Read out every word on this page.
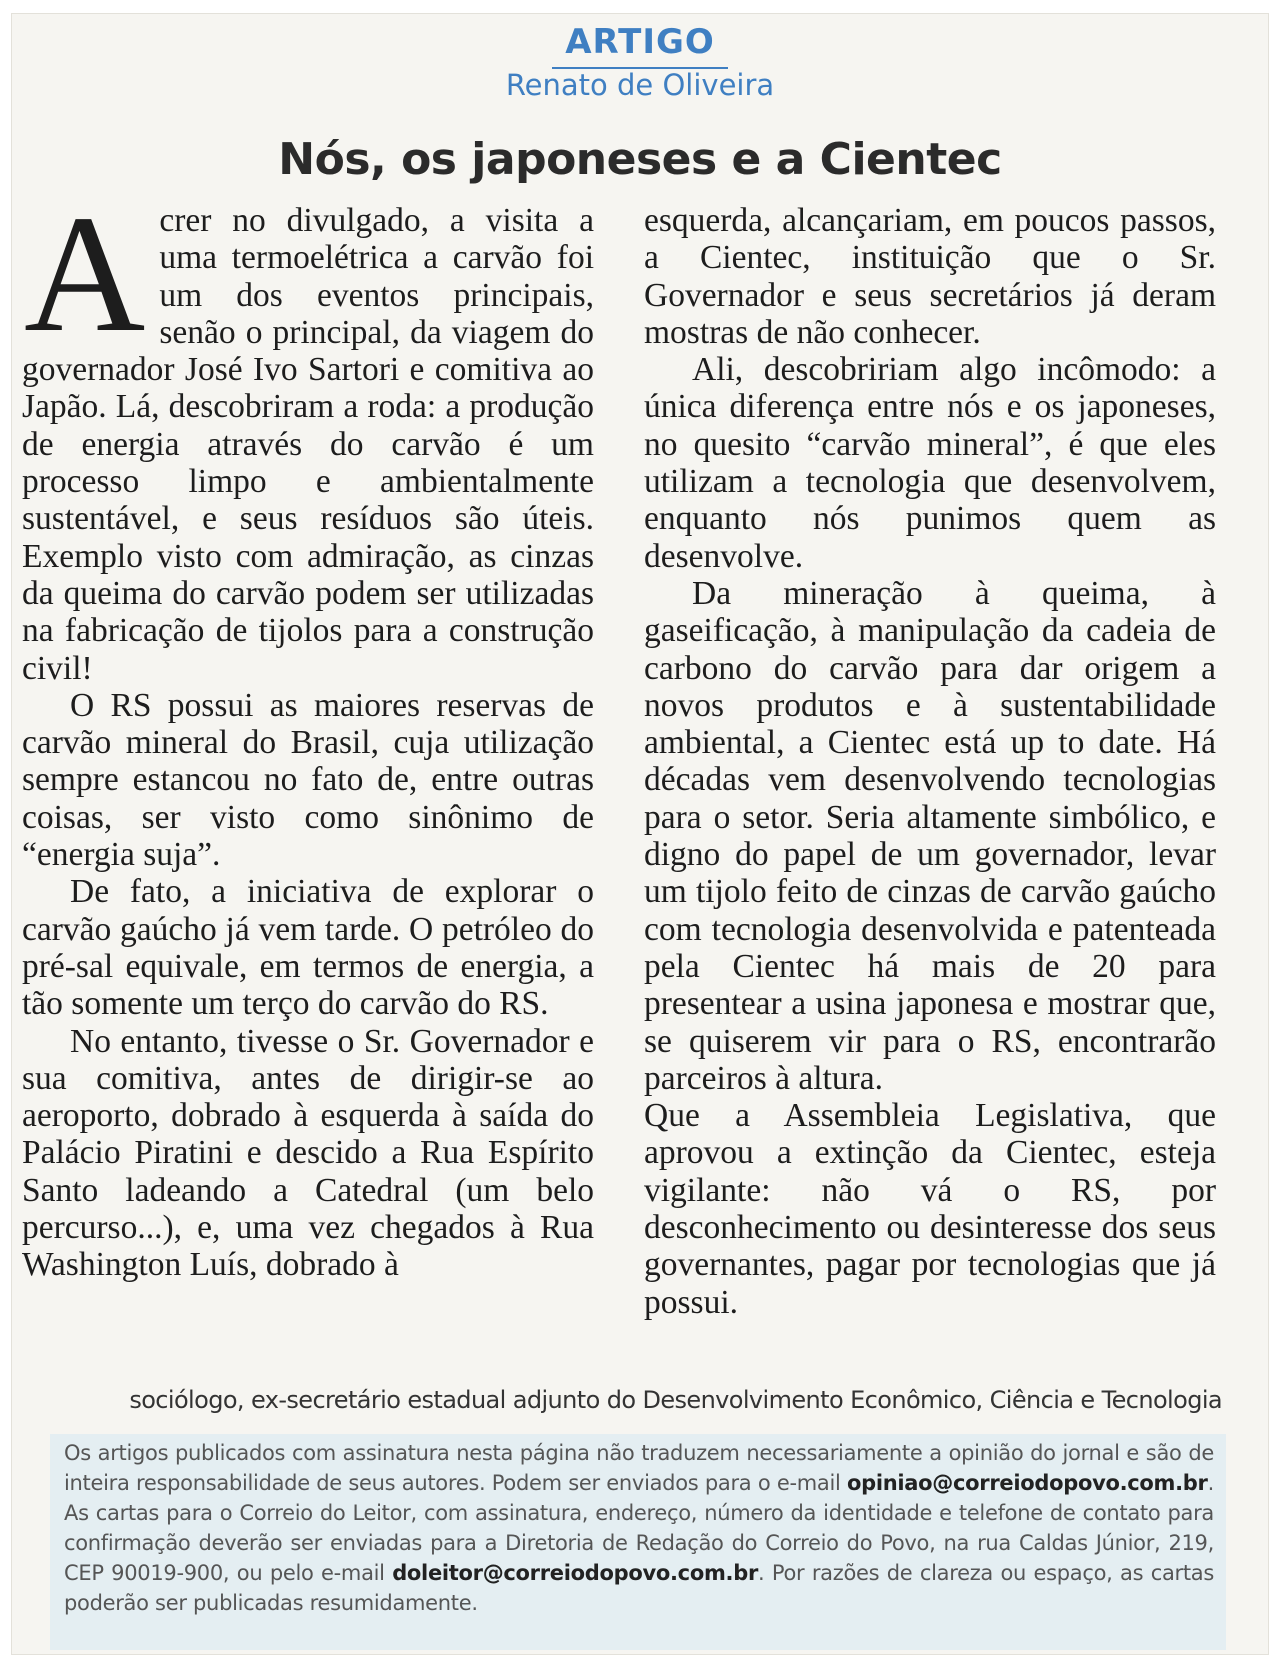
ARTIGO
Renato de Oliveira
Nós, os japoneses e a Cientec
A crer no divulgado, a visita a uma termoelétrica a carvão foi um dos eventos principais, senão o principal, da viagem do governador José Ivo Sartori e comitiva ao Japão. Lá, descobriram a roda: a produção de energia através do carvão é um processo limpo e ambientalmente sustentável, e seus resíduos são úteis. Exemplo visto com admiração, as cinzas da queima do carvão podem ser utilizadas na fabricação de tijolos para a construção civil!

O RS possui as maiores reservas de carvão mineral do Brasil, cuja utilização sempre estancou no fato de, entre outras coisas, ser visto como sinônimo de “energia suja”.

De fato, a iniciativa de explorar o carvão gaúcho já vem tarde. O petróleo do pré-sal equivale, em termos de energia, a tão somente um terço do carvão do RS.

No entanto, tivesse o Sr. Governador e sua comitiva, antes de dirigir-se ao aeroporto, dobrado à esquerda à saída do Palácio Piratini e descido a Rua Espírito Santo ladeando a Catedral (um belo percurso...), e, uma vez chegados à Rua Washington Luís, dobrado à

esquerda, alcançariam, em poucos passos, a Cientec, instituição que o Sr. Governador e seus secretários já deram mostras de não conhecer.

Ali, descobririam algo incômodo: a única diferença entre nós e os japoneses, no quesito “carvão mineral”, é que eles utilizam a tecnologia que desenvolvem, enquanto nós punimos quem as desenvolve.

Da mineração à queima, à gaseificação, à manipulação da cadeia de carbono do carvão para dar origem a novos produtos e à sustentabilidade ambiental, a Cientec está up to date. Há décadas vem desenvolvendo tecnologias para o setor. Seria altamente simbólico, e digno do papel de um governador, levar um tijolo feito de cinzas de carvão gaúcho com tecnologia desenvolvida e patenteada pela Cientec há mais de 20 para presentear a usina japonesa e mostrar que, se quiserem vir para o RS, encontrarão parceiros à altura.

Que a Assembleia Legislativa, que aprovou a extinção da Cientec, esteja vigilante: não vá o RS, por desconhecimento ou desinteresse dos seus governantes, pagar por tecnologias que já possui.

sociólogo, ex-secretário estadual adjunto do Desenvolvimento Econômico, Ciência e Tecnologia
Os artigos publicados com assinatura nesta página não traduzem necessariamente a opinião do jornal e são de inteira responsabilidade de seus autores. Podem ser enviados para o e-mail opiniao@correiodopovo.com.br. As cartas para o Correio do Leitor, com assinatura, endereço, número da identidade e telefone de contato para confirmação deverão ser enviadas para a Diretoria de Redação do Correio do Povo, na rua Caldas Júnior, 219, CEP 90019-900, ou pelo e-mail doleitor@correiodopovo.com.br. Por razões de clareza ou espaço, as cartas poderão ser publicadas resumidamente.
